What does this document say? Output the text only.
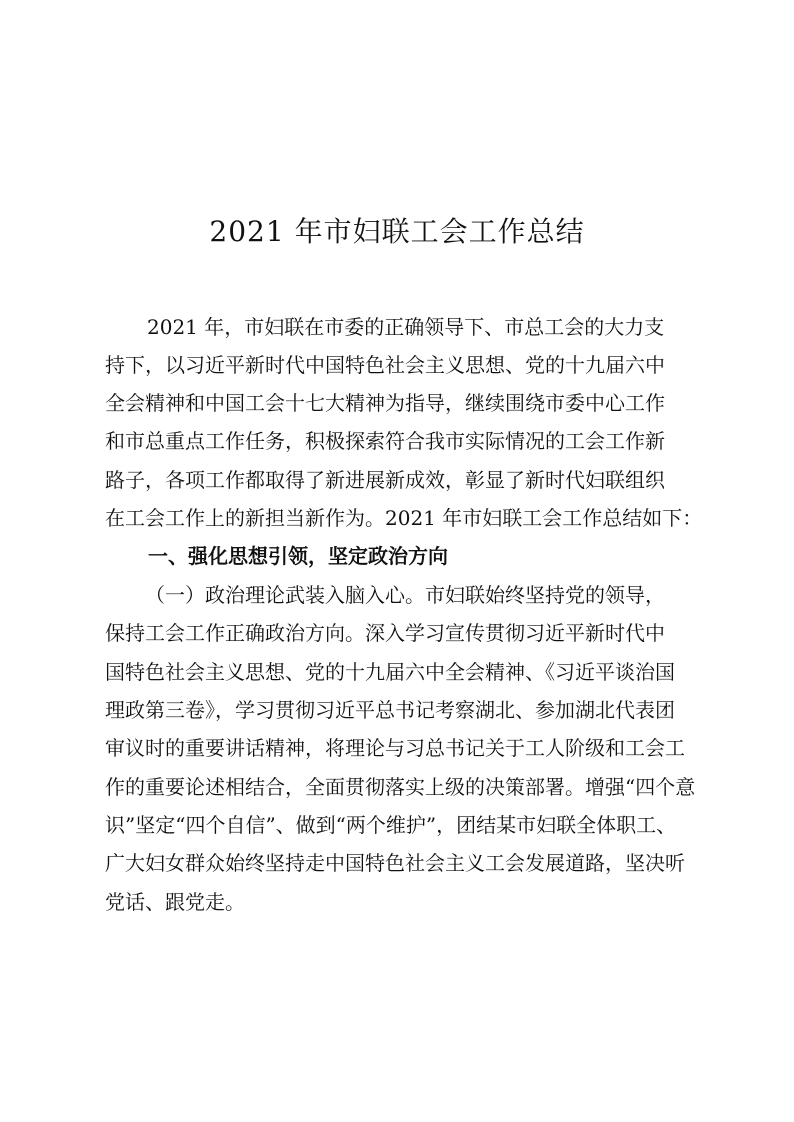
2021 年市妇联工会工作总结
2021 年，市妇联在市委的正确领导下、市总工会的大力支
持下，以习近平新时代中国特色社会主义思想、党的十九届六中
全会精神和中国工会十七大精神为指导，继续围绕市委中心工作
和市总重点工作任务，积极探索符合我市实际情况的工会工作新
路子，各项工作都取得了新进展新成效，彰显了新时代妇联组织
在工会工作上的新担当新作为。2021 年市妇联工会工作总结如下：
一、强化思想引领，坚定政治方向
（一）政治理论武装入脑入心。市妇联始终坚持党的领导，
保持工会工作正确政治方向。深入学习宣传贯彻习近平新时代中
国特色社会主义思想、党的十九届六中全会精神、《习近平谈治国
理政第三卷》，学习贯彻习近平总书记考察湖北、参加湖北代表团
审议时的重要讲话精神，将理论与习总书记关于工人阶级和工会工
作的重要论述相结合，全面贯彻落实上级的决策部署。增强“四个意
识”坚定“四个自信”、做到“两个维护”，团结某市妇联全体职工、
广大妇女群众始终坚持走中国特色社会主义工会发展道路，坚决听
党话、跟党走。
